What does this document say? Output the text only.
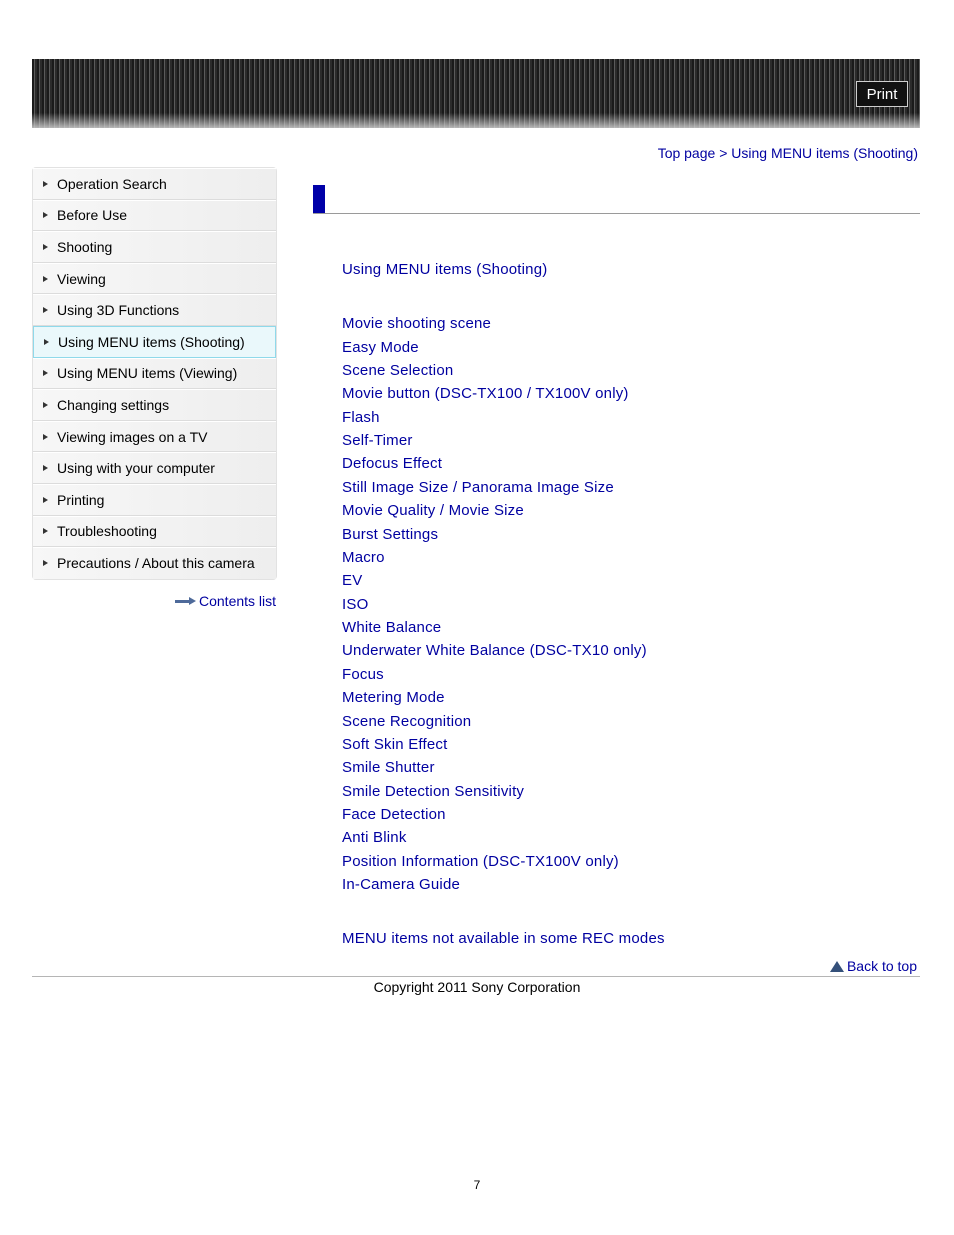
Print
Top page > Using MENU items (Shooting)
Operation Search
Before Use
Shooting
Viewing
Using 3D Functions
Using MENU items (Shooting)
Using MENU items (Viewing)
Changing settings
Viewing images on a TV
Using with your computer
Printing
Troubleshooting
Precautions / About this camera
Contents list
Using MENU items (Shooting)
Movie shooting scene
Easy Mode
Scene Selection
Movie button (DSC-TX100 / TX100V only)
Flash
Self-Timer
Defocus Effect
Still Image Size / Panorama Image Size
Movie Quality / Movie Size
Burst Settings
Macro
EV
ISO
White Balance
Underwater White Balance (DSC-TX10 only)
Focus
Metering Mode
Scene Recognition
Soft Skin Effect
Smile Shutter
Smile Detection Sensitivity
Face Detection
Anti Blink
Position Information (DSC-TX100V only)
In-Camera Guide
MENU items not available in some REC modes
Back to top
Copyright 2011 Sony Corporation
7
